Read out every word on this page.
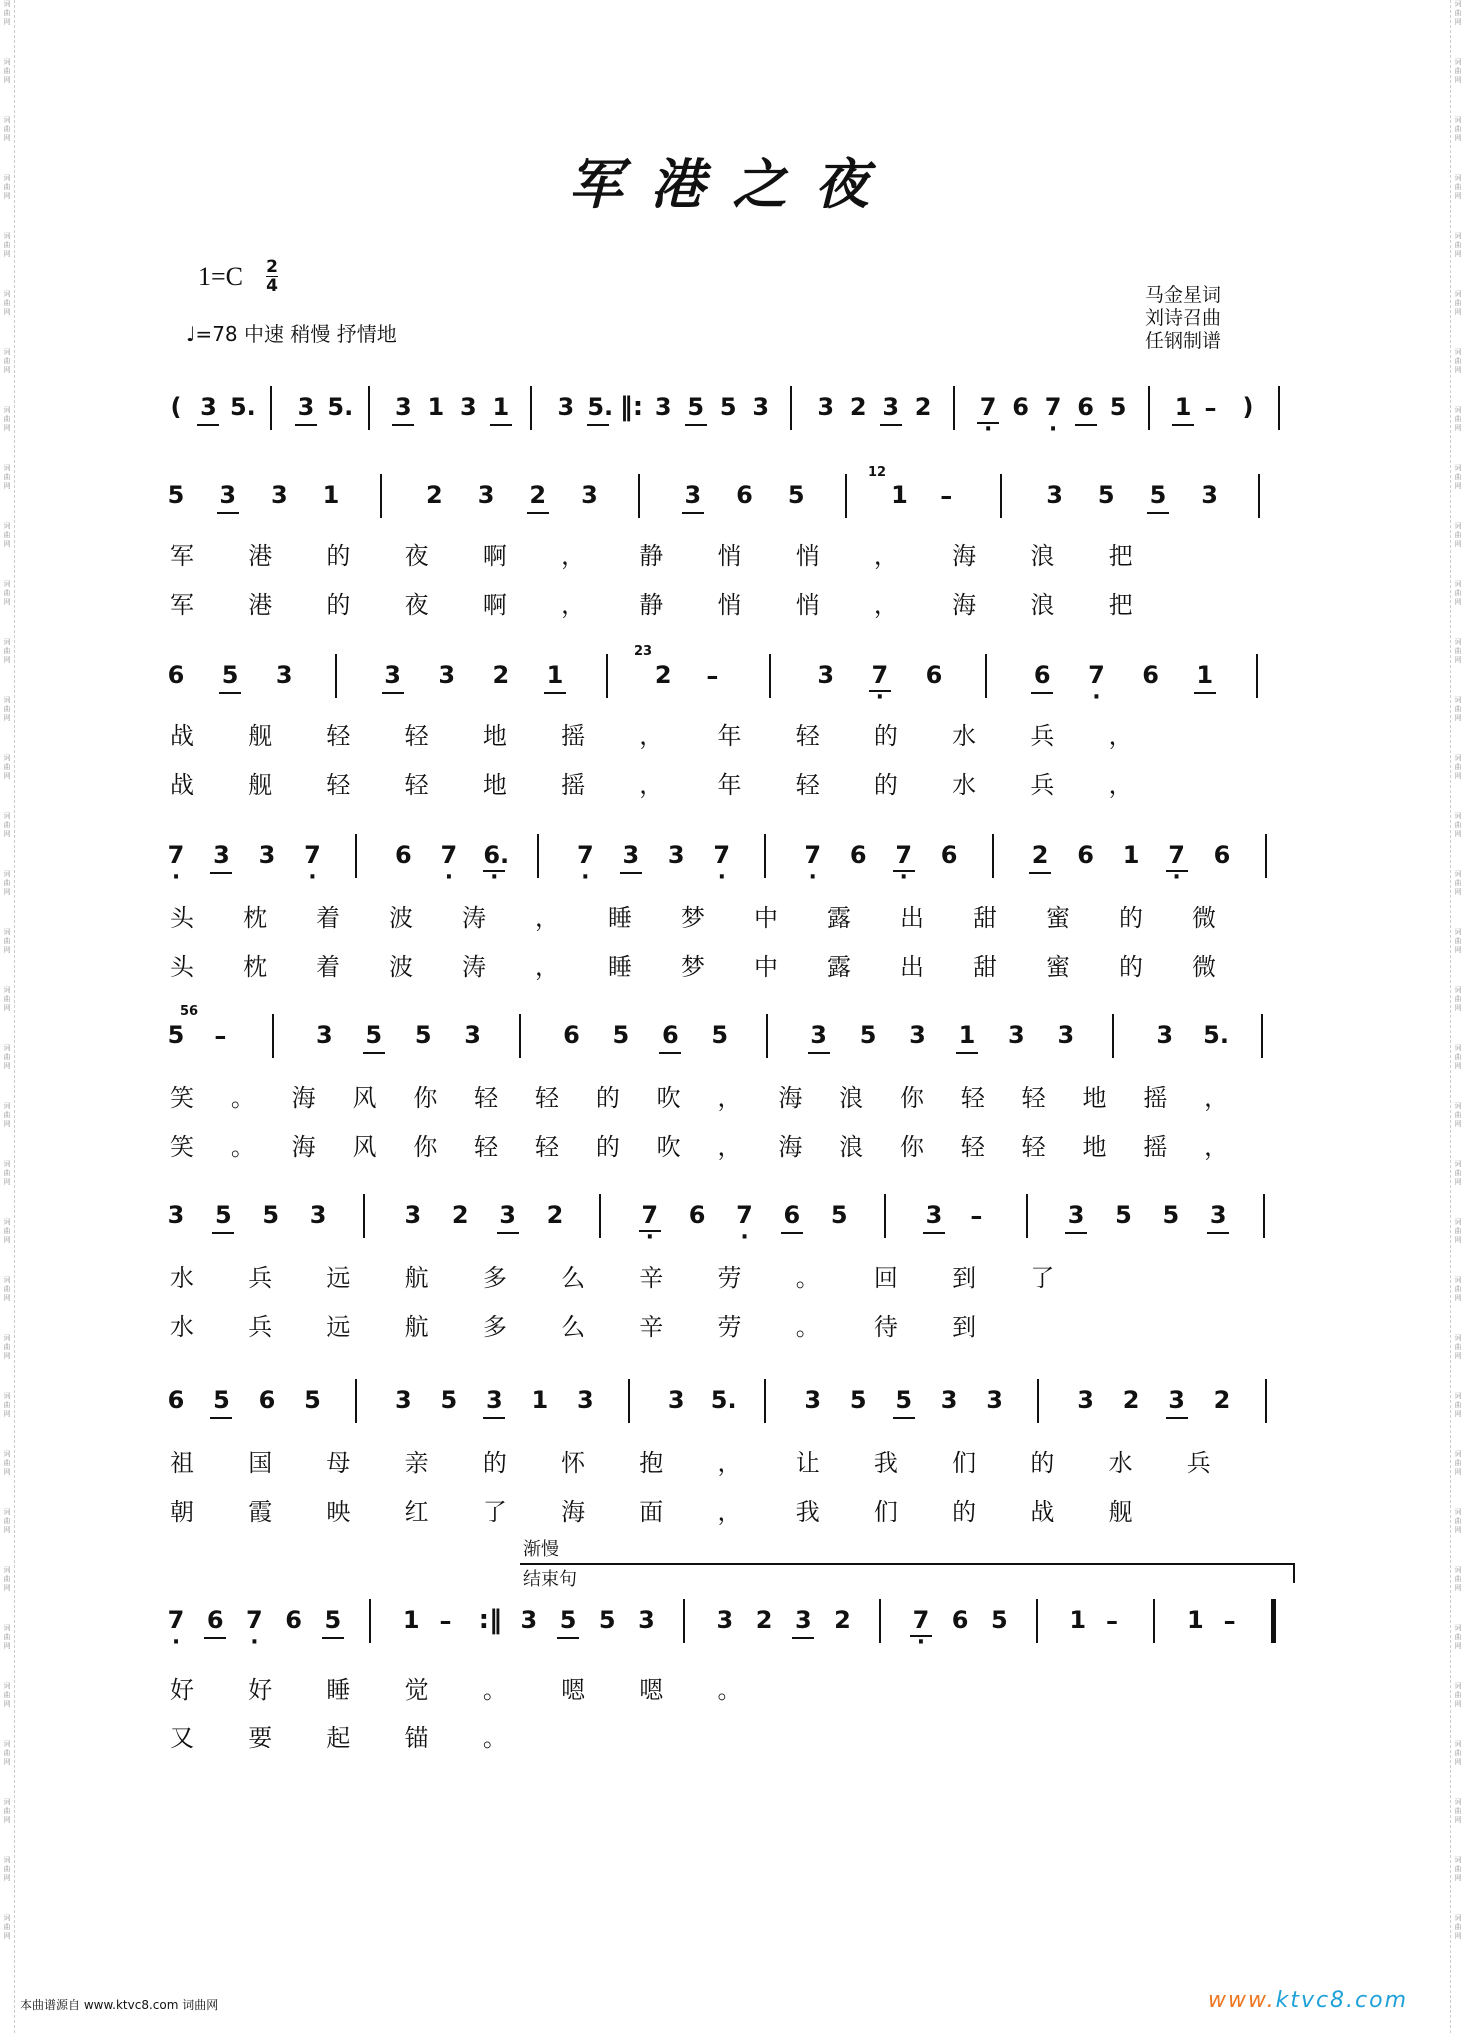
词
曲
网
词
曲
网
词
曲
网
词
曲
网
词
曲
网
词
曲
网
词
曲
网
词
曲
网
词
曲
网
词
曲
网
词
曲
网
词
曲
网
词
曲
网
词
曲
网
词
曲
网
词
曲
网
词
曲
网
词
曲
网
词
曲
网
词
曲
网
词
曲
网
词
曲
网
词
曲
网
词
曲
网
词
曲
网
词
曲
网
词
曲
网
词
曲
网
词
曲
网
词
曲
网
词
曲
网
词
曲
网
词
曲
网
词
曲
网
词
曲
网
词
曲
网
词
曲
网
词
曲
网
词
曲
网
词
曲
网
词
曲
网
词
曲
网
词
曲
网
词
曲
网
词
曲
网
词
曲
网
词
曲
网
词
曲
网
词
曲
网
词
曲
网
词
曲
网
词
曲
网
词
曲
网
词
曲
网
词
曲
网
词
曲
网
词
曲
网
词
曲
网
词
曲
网
词
曲
网
词
曲
网
词
曲
网
词
曲
网
词
曲
网
词
曲
网
词
曲
网
词
曲
网
词
曲
网
军港之夜
1=C 2
4
♩=78 中速 稍慢 抒情地
马金星词
刘诗召曲
任钢制谱
( 3 5. 3 5. 3 1 3 1 3 5. ‖: 3 5 5 3 3 2 3 2 7 · 6 7 · 6 5 1 – )
5 3 3 1	2 3 2 3	3 6 5	1 –	3 5 5 3
6 5 3	3 3 2 1	2 –	3 7 · 6	6 7 · 6 1
7 · 3 3 7 ·	6 7 · 6. ·	7 · 3 3 7 ·	7 · 6 7 · 6	2 6 1 7 · 6
5 –	3 5 5 3	6 5 6 5	3 5 3 1 3 3	3 5.
3 5 5 3	3 2 3 2	7 · 6 7 · 6 5	3 –	3 5 5 3
6 5 6 5	3 5 3 1 3	3 5.	3 5 5 3 3	3 2 3 2
7 · 6 7 · 6 5	1 – :‖ 3 5 5 3	3 2 3 2	7 · 6 5	1 –	1 –
12
23
56
军 港 的 夜 啊 ， 静 悄 悄 ， 海 浪 把
军 港 的 夜 啊 ， 静 悄 悄 ， 海 浪 把
战 舰 轻 轻 地 摇 ， 年 轻 的 水 兵 ，
战 舰 轻 轻 地 摇 ， 年 轻 的 水 兵 ，
头 枕 着 波 涛 ， 睡 梦 中 露 出 甜 蜜 的 微
头 枕 着 波 涛 ， 睡 梦 中 露 出 甜 蜜 的 微
笑 。 海 风 你 轻 轻 的 吹 ， 海 浪 你 轻 轻 地 摇 ，
笑 。 海 风 你 轻 轻 的 吹 ， 海 浪 你 轻 轻 地 摇 ，
水 兵 远 航 多 么 辛 劳 。 回 到 了
水 兵 远 航 多 么 辛 劳 。 待 到
祖 国 母 亲 的 怀 抱 ， 让 我 们 的 水 兵
朝 霞 映 红 了 海 面 ， 我 们 的 战 舰
好 好 睡 觉 。 嗯 嗯 。
又 要 起 锚 。
渐慢
结束句
本曲谱源自 www.ktvc8.com 词曲网	www.ktvc8.com
